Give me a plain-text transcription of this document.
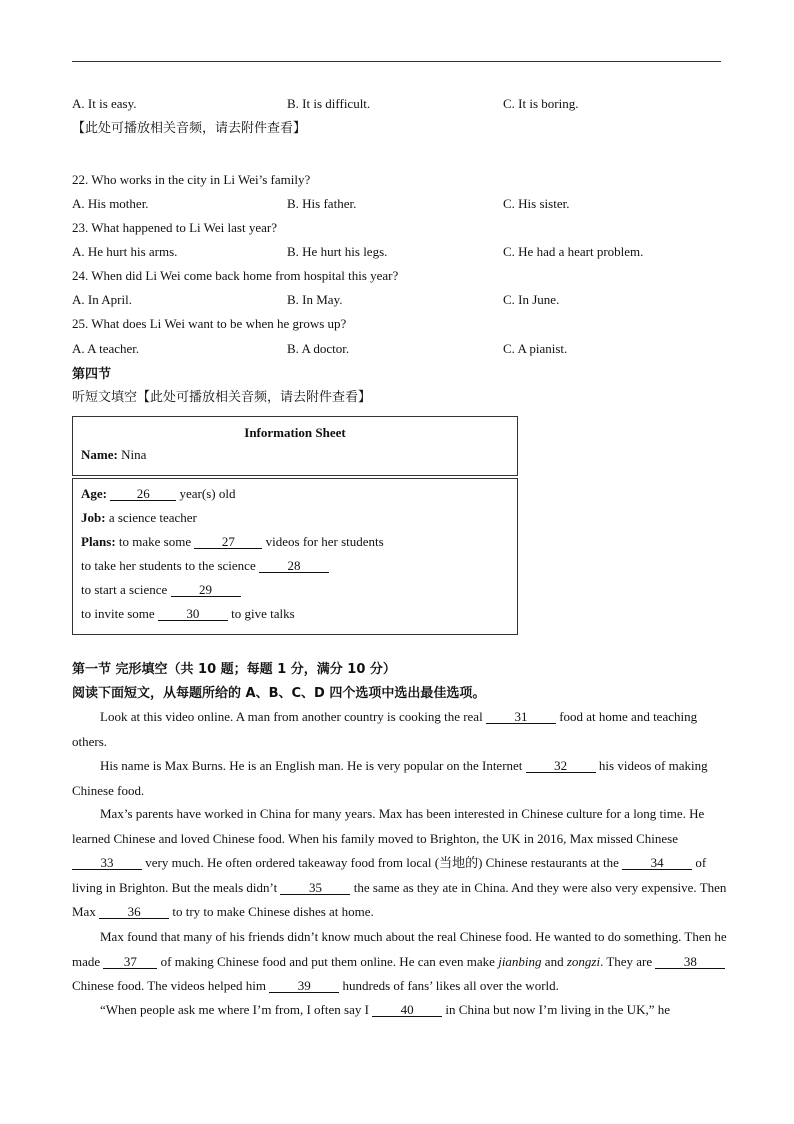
A. It is easy.	B. It is difficult.	C. It is boring.
【此处可播放相关音频，请去附件查看】
22. Who works in the city in Li Wei’s family?
A. His mother.	B. His father.	C. His sister.
23. What happened to Li Wei last year?
A. He hurt his arms.	B. He hurt his legs.	C. He had a heart problem.
24. When did Li Wei come back home from hospital this year?
A. In April.	B. In May.	C. In June.
25. What does Li Wei want to be when he grows up?
A. A teacher.	B. A doctor.	C. A pianist.
第四节
听短文填空【此处可播放相关音频，请去附件查看】
Information Sheet
Name: Nina
Age: 26 year(s) old
Job: a science teacher
Plans: to make some 27 videos for her students
to take her students to the science 28
to start a science 29
to invite some 30 to give talks
第一节 完形填空（共 10 题；每题 1 分，满分 10 分）
阅读下面短文，从每题所给的 A、B、C、D 四个选项中选出最佳选项。
Look at this video online. A man from another country is cooking the real 31 food at home and teaching others.
His name is Max Burns. He is an English man. He is very popular on the Internet 32 his videos of making Chinese food.
Max’s parents have worked in China for many years. Max has been interested in Chinese culture for a long time. He learned Chinese and loved Chinese food. When his family moved to Brighton, the UK in 2016, Max missed Chinese 33 very much. He often ordered takeaway food from local (当地的) Chinese restaurants at the 34 of living in Brighton. But the meals didn’t 35 the same as they ate in China. And they were also very expensive. Then Max 36 to try to make Chinese dishes at home.
Max found that many of his friends didn’t know much about the real Chinese food. He wanted to do something. Then he made 37 of making Chinese food and put them online. He can even make jianbing and zongzi. They are 38 Chinese food. The videos helped him 39 hundreds of fans’ likes all over the world.
“When people ask me where I’m from, I often say I 40 in China but now I’m living in the UK,” he
